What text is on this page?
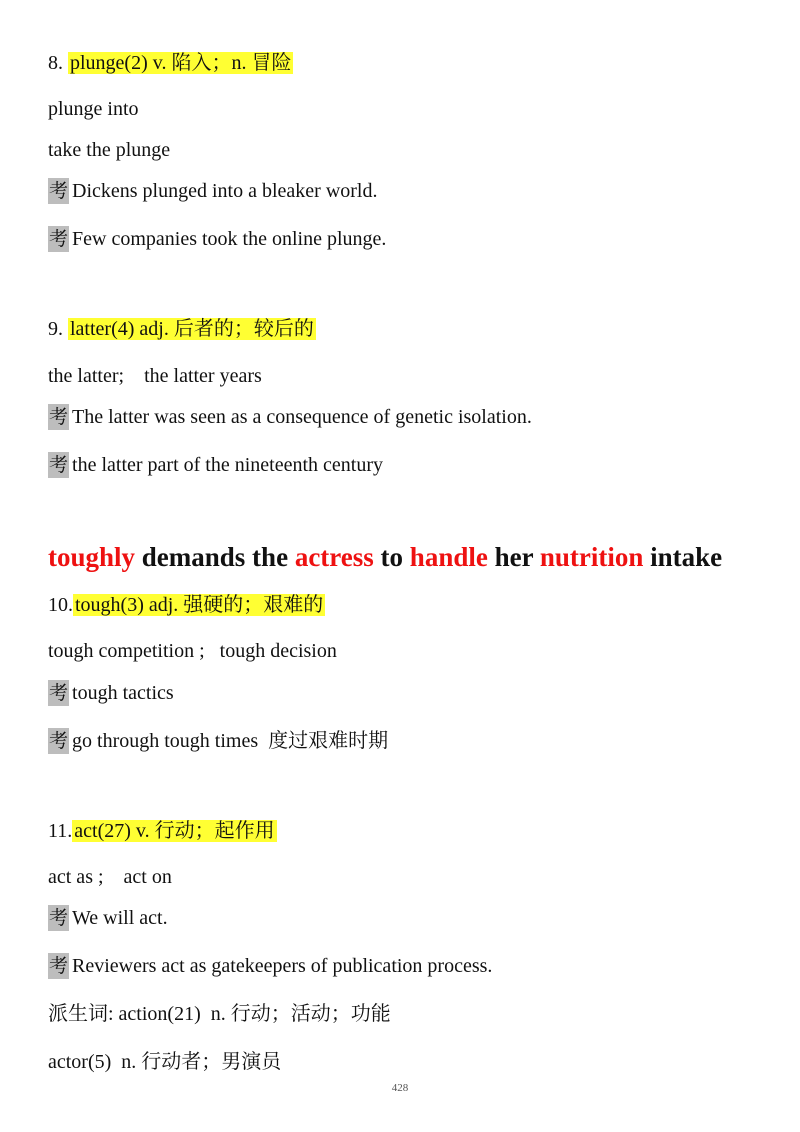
8. plunge(2) v. 陷入；n. 冒险
plunge into
take the plunge
考 Dickens plunged into a bleaker world.
考 Few companies took the online plunge.
9. latter(4) adj. 后者的；较后的
the latter;    the latter years
考 The latter was seen as a consequence of genetic isolation.
考 the latter part of the nineteenth century
toughly demands the actress to handle her nutrition intake
10. tough(3) adj. 强硬的；艰难的
tough competition ;   tough decision
考 tough tactics
考 go through tough times  度过艰难时期
11. act(27) v. 行动；起作用
act as ;    act on
考 We will act.
考 Reviewers act as gatekeepers of publication process.
派生词: action(21)  n. 行动；活动；功能
actor(5)  n. 行动者；男演员
428
